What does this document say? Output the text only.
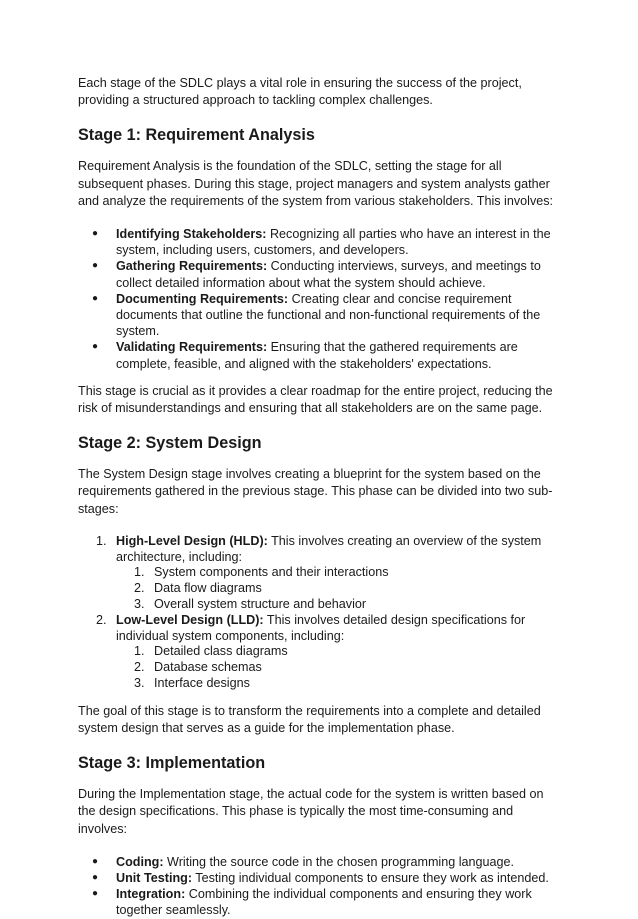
Each stage of the SDLC plays a vital role in ensuring the success of the project, providing a structured approach to tackling complex challenges.

Stage 1: Requirement Analysis

Requirement Analysis is the foundation of the SDLC, setting the stage for all subsequent phases. During this stage, project managers and system analysts gather and analyze the requirements of the system from various stakeholders. This involves:

● Identifying Stakeholders: Recognizing all parties who have an interest in the system, including users, customers, and developers.
● Gathering Requirements: Conducting interviews, surveys, and meetings to collect detailed information about what the system should achieve.
● Documenting Requirements: Creating clear and concise requirement documents that outline the functional and non-functional requirements of the system.
● Validating Requirements: Ensuring that the gathered requirements are complete, feasible, and aligned with the stakeholders' expectations.

This stage is crucial as it provides a clear roadmap for the entire project, reducing the risk of misunderstandings and ensuring that all stakeholders are on the same page.

Stage 2: System Design

The System Design stage involves creating a blueprint for the system based on the requirements gathered in the previous stage. This phase can be divided into two sub-stages:

1. High-Level Design (HLD): This involves creating an overview of the system architecture, including:
1. System components and their interactions
2. Data flow diagrams
3. Overall system structure and behavior
2. Low-Level Design (LLD): This involves detailed design specifications for individual system components, including:
1. Detailed class diagrams
2. Database schemas
3. Interface designs

The goal of this stage is to transform the requirements into a complete and detailed system design that serves as a guide for the implementation phase.

Stage 3: Implementation

During the Implementation stage, the actual code for the system is written based on the design specifications. This phase is typically the most time-consuming and involves:

● Coding: Writing the source code in the chosen programming language.
● Unit Testing: Testing individual components to ensure they work as intended.
● Integration: Combining the individual components and ensuring they work together seamlessly.
